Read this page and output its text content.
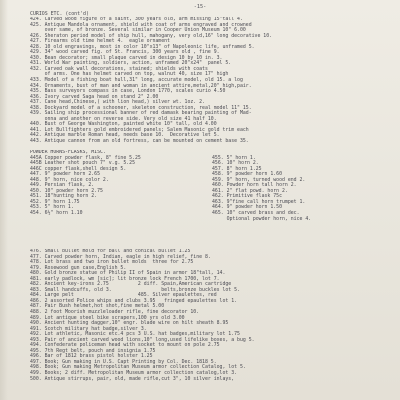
-15-
CURIOS ETC. (cont'd)
424. Carved wood figure of a saint, 300 years old, arm missing 15"tall 4.
425. Antique Mandola ornament, shield with coat of arms engraved and crowned
over same, of bronze. Several similar in Cooper Union Museum 10" 6.00
426. Sheraton period model of ship hull, mahogany, very old,16" long decorative 10.
427. Firearms old time helmet 4.  eagle ornament
428. 10 old engravings, most in color 10"x13" of Napoleonic life, unframed 5.
429. 34" wood carved fig. of St. Francis, 300 years old , fine 9.
430. Bean decorator; small plaque carved in design 10 by 10 in. 3.
431. World War painting, soldiers, action, unframed 20"x24"  panel 5.
432. Carved oak wall decorations, stained; shields with coats
of arms. One has helmet carved on top, walnut 40, size 17" high
433. Model of a fishing boat hull,31" long, accurate model, old 15. a log
434. Ornaments, bust of man and woman in ancient attire,metal,20" high,pair.
435. Bass surveyors compass in case, London 1770, scales curio 4.50
436. Ivory carved Saga head on stand 2" 2.00
437. Cane head,Chinese,( with lion head,) silver wt. 1oz. 2.
438. Dockyard model of a schooner, skeleton construction, real model 11" 15.
439. Sailing ship processional banner of red damask bearing painting of Mad-
onna and another on reverse side. Very old size 41 half 10.
440. Bust of George Washington, painted white 10" tall, old 4.00
441. Lot Bullfighters gold embroidered panels; Salem Masonic gold trim each
442. Antique marble Roman head, needs base 10.  Decorative let 5.
443. Antique cannon from an old fortress, can be mounted on cement base 35.

POWDER HORNS-FLASKS, MISC.
445A Copper powder flask, 8" fine 5.25
445B Leather shot pouch 7" v.g. 5.25
446C copper flask,shell design 5.
447. 9" powder horn 2.65
448. 9" horn, nice color 2.
449. Persian flask, 2.
450. 10" powder horn 2.75
451. 18"hunting horn 2.
452. 9" horn 1.75
453. 5" horn 1.
454. 6½" horn 1.10

455. 5" horn 1.
456. 10" horn 2.
457. 8" horn 1.25
458. 9" powder horn 1.60
459. 9" horn, turned wood end 2.
460. Powder horn tall horn 2.
461. 2" flat powd. horn 2.
462. Primitive flask 75c
463. 9"fine call horn trumpet 1.
464. 9" powder horn 1.50
465. 10" carved brass and dec.
Optional powder horn, nice 4.

476. Small bullet mold for ball and conical bullet 1.25
477. Carved powder horn, Indian, eagle in high relief, fine 8.
478. Lot brass and two iron bullet molds  three for 2.75
479. Rosewood gun case,English 5.
480. Gold bronze statue of Philip II of Spain in armor 18"tall, 14.
481. early padlock, wm [sic]; lit bronze lock French 1700, lot 7.
482. Ancient key-irons 2.75          2 diff. Spain,American cartridge
483. Small handcuffs, old 3.                 belts,bronze buckles lot 5.
484. Large pelt                      485. Silver epaulettes, red
486. 2 assorted Police whips and clubs 3.95   fringed epaulettes lot 1.
487. Pair Bush helmet,hot shot,fine metal 5.00
488. 2 foot Moorish muzzleloader rifle, fine decorator 10.
489. Lot antique steel bike scrapers,100 yrs old 3.00
490. Ancient hunting dagger,10" engr. blade wire on hilt sheath 8.95
491. Scotch military hat badge,silver 3.
492. Lot athletic, Masonic etc.4 pcs 3 U.S. hat badges,military lot 1.75
493. Pair of ancient carved wood lions,10" long,used lifelike boxes, a bug 5.
494. Confederate policeman head with socket to mount on pole 2.75
495. 7th Regt belt, pouch and insignia 1.75
496. Bar of 1812 brass pistol holster 1.25
497. Book; Gun making in U.S. Capt Printing by Col. Dec. 1818 5.
498. Book; Gun making Metropolitan Museum armor collection Catalog, lot 5.
499. Books; 2 diff. Metropolitan Museum armor collection catalog,lot 3.
500. Antique stirrups, pair, old, made rifle,cut 3", 10 silver inlays,
